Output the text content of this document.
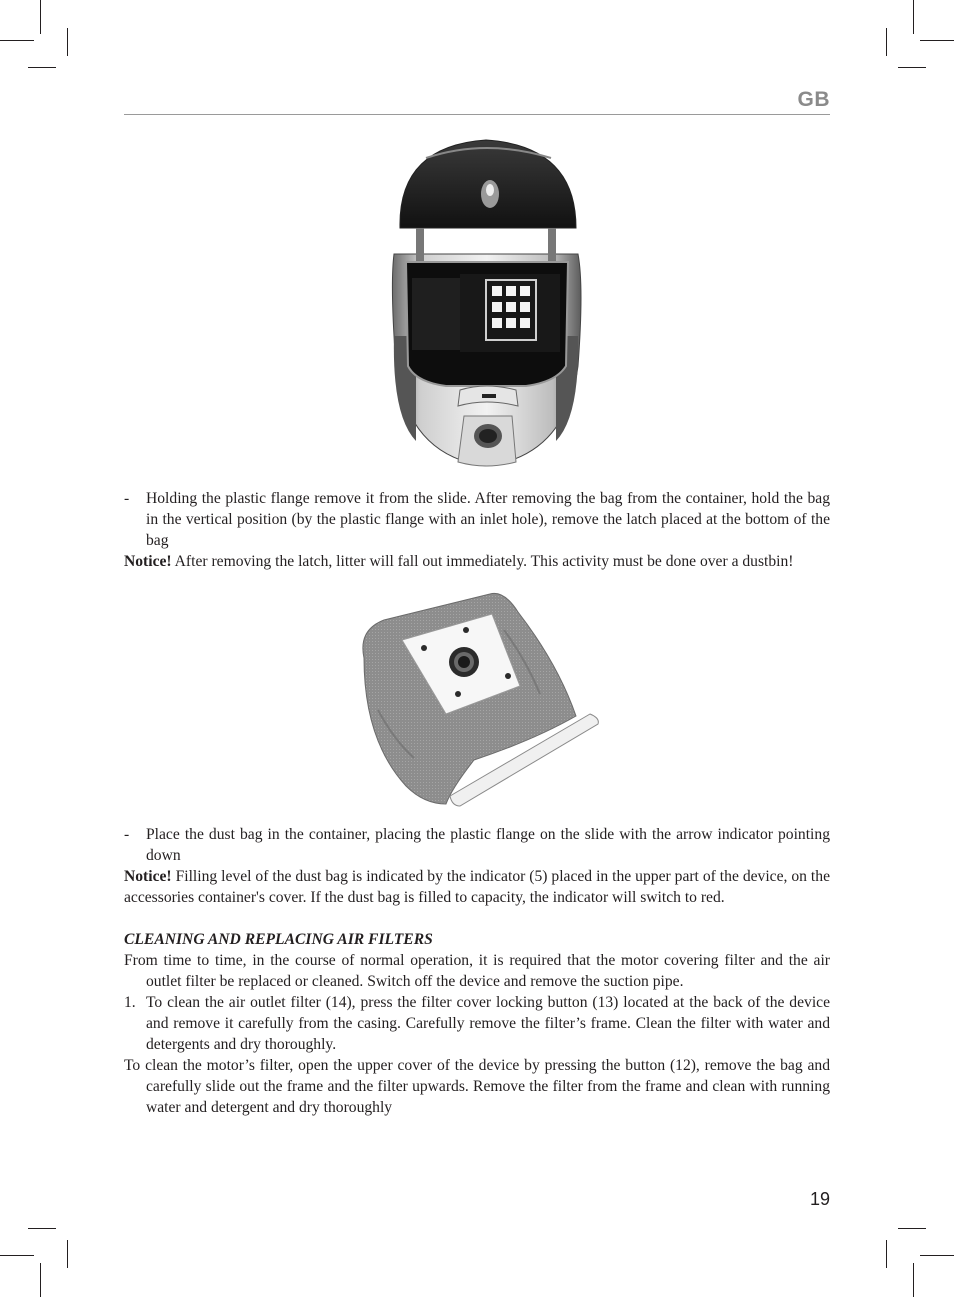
GB
- Holding the plastic flange remove it from the slide. After removing the bag from the container, hold the bag in the vertical position (by the plastic flange with an inlet hole), remove the latch placed at the bottom of the bag
Notice! After removing the latch, litter will fall out immediately. This activity must be done over a dustbin!
- Place the dust bag in the container, placing the plastic flange on the slide with the arrow indicator pointing down
Notice! Filling level of the dust bag is indicated by the indicator (5) placed in the upper part of the device, on the accessories container's cover. If the dust bag is filled to capacity, the indicator will switch to red.
CLEANING AND REPLACING AIR FILTERS
From time to time, in the course of normal operation, it is required that the motor covering filter and the air outlet filter be replaced or cleaned. Switch off the device and remove the suction pipe.
1. To clean the air outlet filter (14), press the filter cover locking button (13) located at the back of the device and remove it carefully from the casing. Carefully remove the filter’s frame. Clean the filter with water and detergents and dry thoroughly.
To clean the motor’s filter, open the upper cover of the device by pressing the button (12), remove the bag and carefully slide out the frame and the filter upwards. Remove the filter from the frame and clean with running water and detergent and dry thoroughly
19
